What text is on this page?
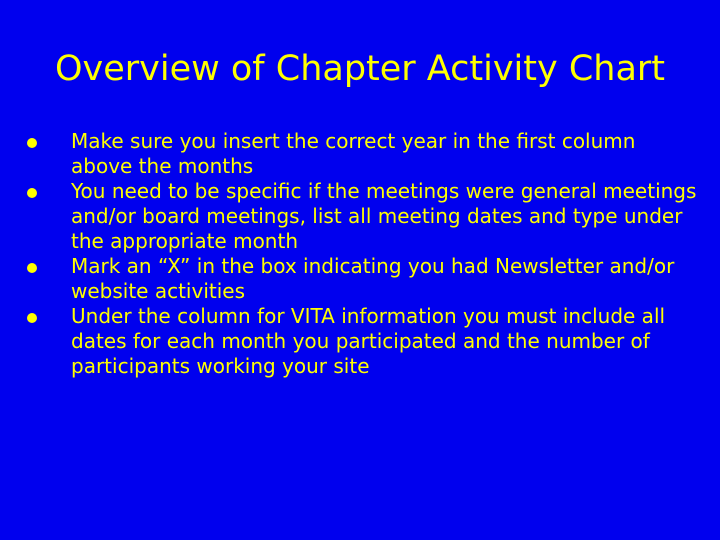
Overview of Chapter Activity Chart
Make sure you insert the correct year in the first column above the months
You need to be specific if the meetings were general meetings and/or board meetings, list all meeting dates and type under the appropriate month
Mark an “X” in the box indicating you had Newsletter and/or website activities
Under the column for VITA information you must include all dates for each month you participated and the number of participants working your site
